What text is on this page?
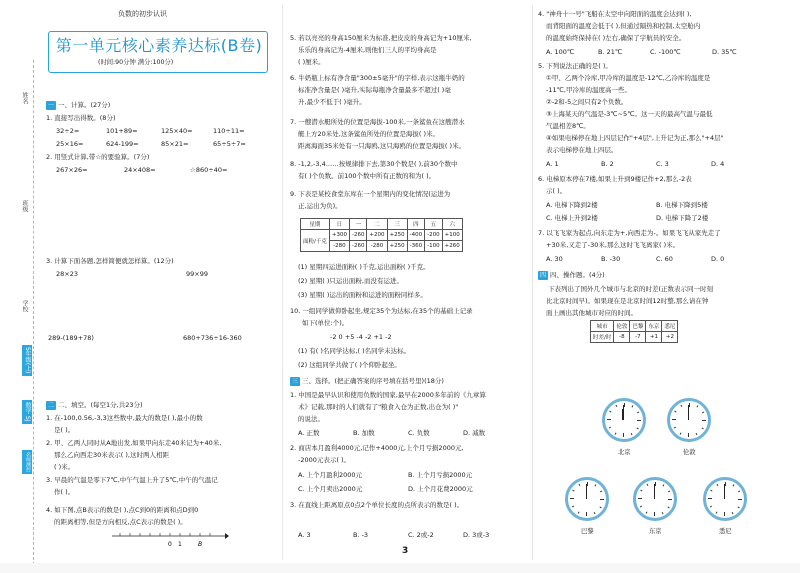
姓名
班级
学校
5年级(上)
数学 SJ
名师测控
负数的初步认识
第一单元核心素养达标(B卷)
(时间:90分钟 满分:100分)
一 一、计算。(27分)
1. 直接写出得数。(8分)
32÷2=	101+89=	125×40=	110÷11=
25×16=	624-199=	85×21=	65÷5÷7=
2. 用竖式计算,带☆的要验算。(7分)
267×26=	24×408=	☆860÷40=
3. 计算下面各题,怎样简便就怎样算。(12分)
28×23	99×99
289-(189+78)	680+736÷16-360
二 二、填空。(每空1分,共23分)
1. 在-100,0.56,-3,3这些数中,最大的数是( ),最小的数
是( )。
2. 甲、乙两人同时从A地出发,如果甲向东走40米记为+40米,
那么乙向西走30米表示( ),这时两人相距
( )米。
3. 早晨的气温是零下7℃,中午气温上升了5℃,中午的气温记
作( )。
4. 如下图,点B表示的数是( ),点C到0的距离和点D到0
的距离相等,但是方向相反,点C表示的数是( )。
0 1	B
5. 若以亮亮的身高150厘米为标准,把皮皮的身高记为+10厘米,
乐乐的身高记为-4厘米,则他们三人的平均身高是
( )厘米。
6. 牛奶瓶上标有净含量"300±5毫升"的字样,表示这瓶牛奶的
标准净含量是( )毫升,实际每瓶净含量最多不超过( )毫
升,最少不低于( )毫升。
7. 一艘潜水艇所处的位置是海拔-100米,一条鲨鱼在这艘潜水
艇上方20米处,这条鲨鱼所处的位置是海拔( )米。
距离海面35米处有一只海鸥,这只海鸥的位置是海拔( )米。
8. -1,2,-3,4……按规律排下去,第30个数是( ),前30个数中
有( )个负数。前100个数中所有正数的和为( )。
9. 下表是某校食堂东库在一个星期内的变化情况(运进为
正,运出为负)。
星期	日	一	二	三	四	五	六
面粉/千克	+300	-260	+200	+250	-400	-200	+100
	-280	-260	-280	+250	-360	-100	+260
(1) 星期四运进面粉( )千克,运出面粉( )千克。
(2) 星期( )只运出面粉,而没有运进。
(3) 星期( )运出的面粉和运进的面粉同样多。
10. 一组同学做仰卧起坐,规定35个为达标,在35个的基础上记录
如下(单位:个)。
-2 0 +5 -4 -2 +1 -2
(1) 有( )名同学达标,( )名同学未达标。
(2) 这组同学共做了( )个仰卧起坐。
三 三、选择。(把正确答案的序号填在括号里)(18分)
1. 中国是最早认识和使用负数的国家,最早在2000多年前的《九章算
术》记载,那时的人们就有了"粮食入仓为正数,出仓为( )"
的说法。
A. 正数	B. 加数	C. 负数	D. 减数
2. 商店本月盈利4000元,记作+4000元,上个月亏损2000元,
-2000元表示( )。
A. 上个月盈利2000元	B. 上个月亏损2000元
C. 上个月卖出2000元	D. 上个月花费2000元
3. 在直线上距离原点0点2个单位长度的点所表示的数是( )。
A. 3	B. -3	C. 2或-2	D. 3或-3
3
4. "神舟十一号"飞船在太空中向阳面的温度会达到( ),
而背阳面的温度会低于( ),但通过隔热和控制,太空舱内
的温度始终保持在( )左右,确保了宇航员的安全。
A. 100℃	B. 21℃	C. -100℃	D. 35℃
5. 下列说法正确的是( )。
①甲、乙两个冷库,甲冷库的温度是-12℃,乙冷库的温度是
-11℃,甲冷库的温度高一些。
②-2和-5之间只有2个负数。
③上海某天的气温是-3℃~5℃。这一天的最高气温与最低
气温相差8℃。
④如果电梯停在地上四层记作"+4层",上升记为正,那么"+4层"
表示电梯停在地上四层。
A. 1	B. 2	C. 3	D. 4
6. 电梯原本停在7楼,如果上升到9楼记作+2,那么-2表
示( )。
A. 电梯下降到2楼	B. 电梯下降到5楼
C. 电梯上升到2楼	D. 电梯下降了2楼
7. 以飞飞家为起点,向东走为+,向西走为-。如果飞飞从家先走了
+30米,又走了-30米,那么这时飞飞离家( )米。
A. 30	B. -30	C. 60	D. 0
四 四、操作题。(4分)
下表列出了国外几个城市与北京的时差(正数表示同一时刻
比北京时间早)。如果现在是北京时间12时整,那么请在钟
面上画出其他城市对应的时间。
城市	伦敦	巴黎	东京	悉尼
时差/时	-8	-7	+1	+2
北京	伦敦
巴黎	东京	悉尼
